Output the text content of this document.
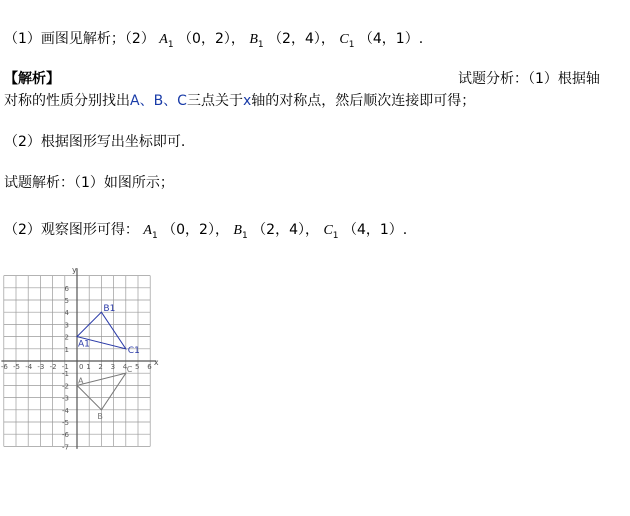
（1）画图见解析；（2） $A_1$ （0，2）， $B_1$ （2，4）， $C_1$ （4，1）.
【解析】	试题分析：（1）根据轴
对称的性质分别找出A、B、C三点关于x轴的对称点，然后顺次连接即可得；
（2）根据图形写出坐标即可.
试题解析：（1）如图所示；
（2）观察图形可得： $A_1$ （0，2）， $B_1$ （2，4）， $C_1$ （4，1）.
x
y
0
-6 -5 -4 -3 -2 -1 1 2 3 4 5 6
6
5
4
3
2
1
-1
-2
-3
-4
-5
-6
-7
A1
B1
C1
A
B
C
